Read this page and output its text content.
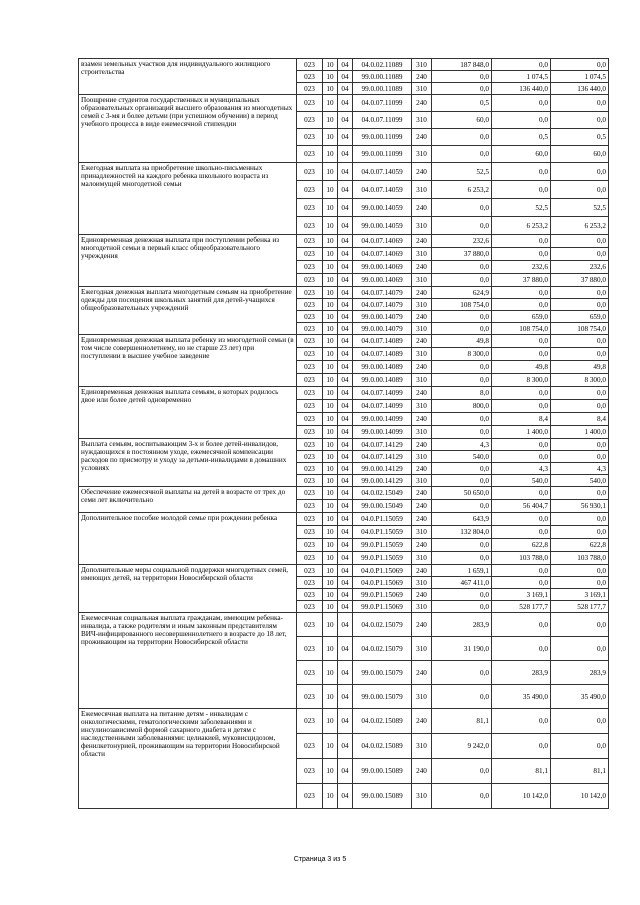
взамен земельных участков для индивидуального жилищного строительства	023	10	04	04.0.02.11089	310	187 848,0	0,0	0,0
	023	10	04	99.0.00.11089	240	0,0	1 074,5	1 074,5
	023	10	04	99.0.00.11089	310	0,0	136 440,0	136 440,0
Поощрение студентов государственных и муниципальных образовательных организаций высшего образования из многодетных семей с 3-мя и более детьми (при успешном обучении) в период учебного процесса в виде ежемесячной стипендии	023	10	04	04.0.07.11099	240	0,5	0,0	0,0
	023	10	04	04.0.07.11099	310	60,0	0,0	0,0
	023	10	04	99.0.00.11099	240	0,0	0,5	0,5
	023	10	04	99.0.00.11099	310	0,0	60,0	60,0
Ежегодная выплата на приобретение школьно-письменных принадлежностей на каждого ребенка школьного возраста из малоимущей многодетной семьи	023	10	04	04.0.07.14059	240	52,5	0,0	0,0
	023	10	04	04.0.07.14059	310	6 253,2	0,0	0,0
	023	10	04	99.0.00.14059	240	0,0	52,5	52,5
	023	10	04	99.0.00.14059	310	0,0	6 253,2	6 253,2
Единовременная денежная выплата при поступлении ребенка из многодетной семьи в первый класс общеобразовательного учреждения	023	10	04	04.0.07.14069	240	232,6	0,0	0,0
	023	10	04	04.0.07.14069	310	37 880,0	0,0	0,0
	023	10	04	99.0.00.14069	240	0,0	232,6	232,6
	023	10	04	99.0.00.14069	310	0,0	37 880,0	37 880,0
Ежегодная денежная выплата многодетным семьям на приобретение одежды для посещения школьных занятий для детей-учащихся общеобразовательных учреждений	023	10	04	04.0.07.14079	240	624,9	0,0	0,0
	023	10	04	04.0.07.14079	310	108 754,0	0,0	0,0
	023	10	04	99.0.00.14079	240	0,0	659,0	659,0
	023	10	04	99.0.00.14079	310	0,0	108 754,0	108 754,0
Единовременная денежная выплата ребенку из многодетной семьи (в том числе совершеннолетнему, но не старше 23 лет) при поступлении в высшее учебное заведение	023	10	04	04.0.07.14089	240	49,8	0,0	0,0
	023	10	04	04.0.07.14089	310	8 300,0	0,0	0,0
	023	10	04	99.0.00.14089	240	0,0	49,8	49,8
	023	10	04	99.0.00.14089	310	0,0	8 300,0	8 300,0
Единовременная денежная выплата семьям, в которых родилось двое или более детей одновременно	023	10	04	04.0.07.14099	240	8,0	0,0	0,0
	023	10	04	04.0.07.14099	310	800,0	0,0	0,0
	023	10	04	99.0.00.14099	240	0,0	8,4	8,4
	023	10	04	99.0.00.14099	310	0,0	1 400,0	1 400,0
Выплата семьям, воспитывающим 3-х и более детей-инвалидов, нуждающихся в постоянном уходе, ежемесячной компенсации расходов по присмотру и уходу за детьми-инвалидами в домашних условиях	023	10	04	04.0.07.14129	240	4,3	0,0	0,0
	023	10	04	04.0.07.14129	310	540,0	0,0	0,0
	023	10	04	99.0.00.14129	240	0,0	4,3	4,3
	023	10	04	99.0.00.14129	310	0,0	540,0	540,0
Обеспечение ежемесячной выплаты на детей в возрасте от трех до семи лет включительно	023	10	04	04.0.02.15049	240	50 650,0	0,0	0,0
	023	10	04	99.0.00.15049	240	0,0	56 404,7	56 930,1
Дополнительное пособие молодой семье при рождении ребенка	023	10	04	04.0.P1.15059	240	643,9	0,0	0,0
	023	10	04	04.0.P1.15059	310	132 804,0	0,0	0,0
	023	10	04	99.0.P1.15059	240	0,0	622,8	622,8
	023	10	04	99.0.P1.15059	310	0,0	103 788,0	103 788,0
Дополнительные меры социальной поддержки многодетных семей, имеющих детей, на территории Новосибирской области	023	10	04	04.0.P1.15069	240	1 659,1	0,0	0,0
	023	10	04	04.0.P1.15069	310	467 411,0	0,0	0,0
	023	10	04	99.0.P1.15069	240	0,0	3 169,1	3 169,1
	023	10	04	99.0.P1.15069	310	0,0	528 177,7	528 177,7
Ежемесячная социальная выплата гражданам, имеющим ребенка-инвалида, а также родителям и иным законным представителям ВИЧ-инфицированного несовершеннолетнего в возрасте до 18 лет, проживающим на территории Новосибирской области	023	10	04	04.0.02.15079	240	283,9	0,0	0,0
	023	10	04	04.0.02.15079	310	31 190,0	0,0	0,0
	023	10	04	99.0.00.15079	240	0,0	283,9	283,9
	023	10	04	99.0.00.15079	310	0,0	35 490,0	35 490,0
Ежемесячная выплата на питание детям - инвалидам с онкологическими, гематологическими заболеваниями и инсулинозависимой формой сахарного диабета и детям с наследственными заболеваниями: целиакией, муковисцидозом, фенилкетонурией, проживающим на территории Новосибирской области	023	10	04	04.0.02.15089	240	81,1	0,0	0,0
	023	10	04	04.0.02.15089	310	9 242,0	0,0	0,0
	023	10	04	99.0.00.15089	240	0,0	81,1	81,1
	023	10	04	99.0.00.15089	310	0,0	10 142,0	10 142,0
Страница 3 из 5
